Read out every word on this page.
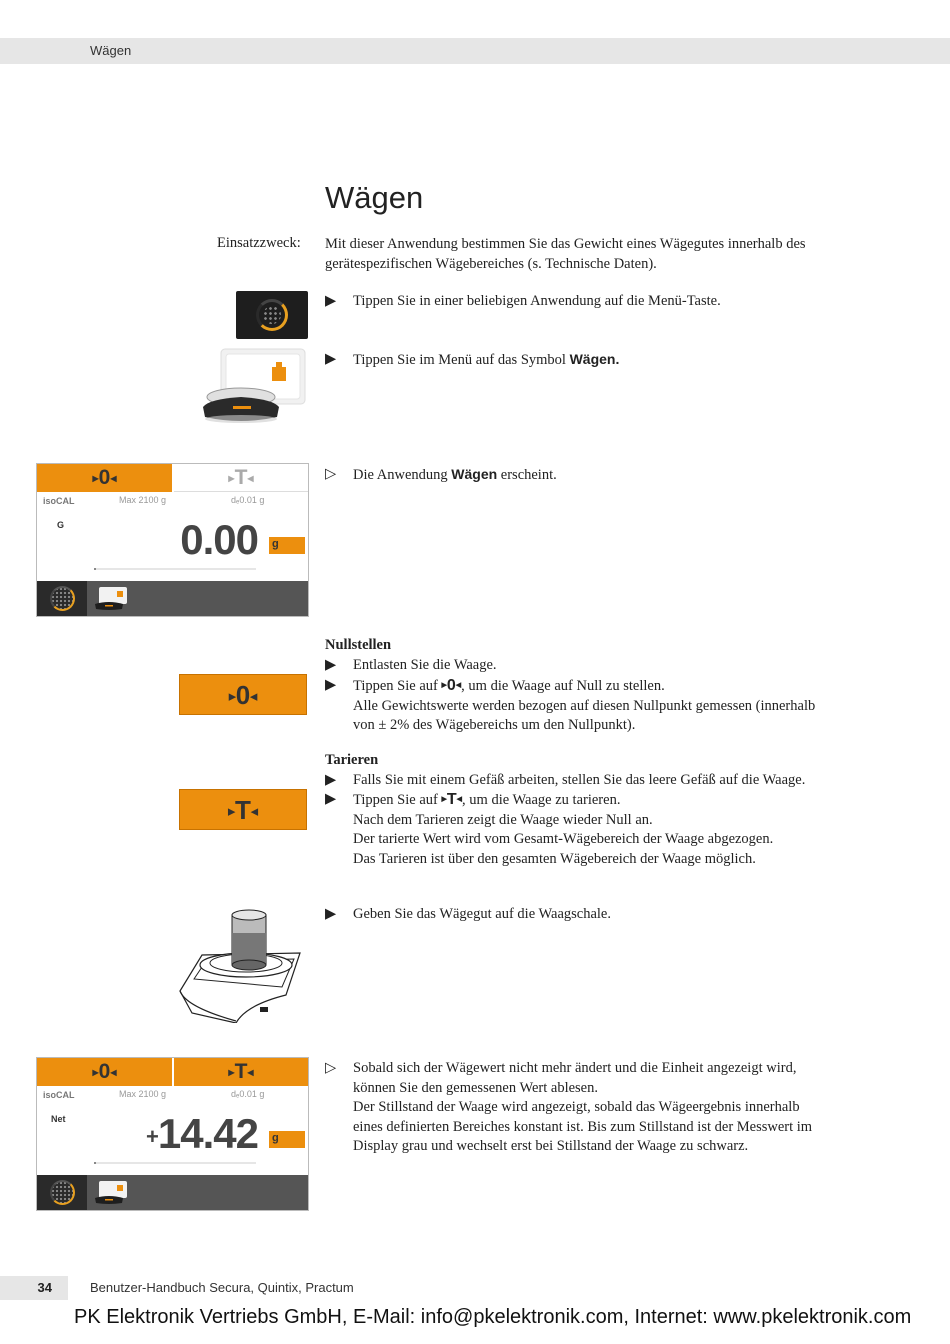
Wägen
Wägen
Einsatzzweck: Mit dieser Anwendung bestimmen Sie das Gewicht eines Wägegutes innerhalb des
gerätespezifischen Wägebereiches (s. Technische Daten).
▶	Tippen Sie in einer beliebigen Anwendung auf die Menü-Taste.
▶	Tippen Sie im Menü auf das Symbol Wägen.
▶0◀	▶T◀
isoCAL	Max 2100 g	dₑ0.01 g
G	0.00 g
▷	Die Anwendung Wägen erscheint.
▶0◀
Nullstellen
▶	Entlasten Sie die Waage.
▶	Tippen Sie auf ▶0◀, um die Waage auf Null zu stellen.
Alle Gewichtswerte werden bezogen auf diesen Nullpunkt gemessen (innerhalb
von ± 2% des Wägebereichs um den Nullpunkt).
▶T◀
Tarieren
▶	Falls Sie mit einem Gefäß arbeiten, stellen Sie das leere Gefäß auf die Waage.
▶	Tippen Sie auf ▶T◀, um die Waage zu tarieren.
Nach dem Tarieren zeigt die Waage wieder Null an.
Der tarierte Wert wird vom Gesamt-Wägebereich der Waage abgezogen.
Das Tarieren ist über den gesamten Wägebereich der Waage möglich.
▶	Geben Sie das Wägegut auf die Waagschale.
▶0◀	▶T◀
isoCAL	Max 2100 g	dₑ0.01 g
Net
+14.42 g
▷	Sobald sich der Wägewert nicht mehr ändert und die Einheit angezeigt wird,
können Sie den gemessenen Wert ablesen.
Der Stillstand der Waage wird angezeigt, sobald das Wägeergebnis innerhalb
eines definierten Bereiches konstant ist. Bis zum Stillstand ist der Messwert im
Display grau und wechselt erst bei Stillstand der Waage zu schwarz.
34	Benutzer-Handbuch Secura, Quintix, Practum
PK Elektronik Vertriebs GmbH, E-Mail: info@pkelektronik.com, Internet: www.pkelektronik.com
